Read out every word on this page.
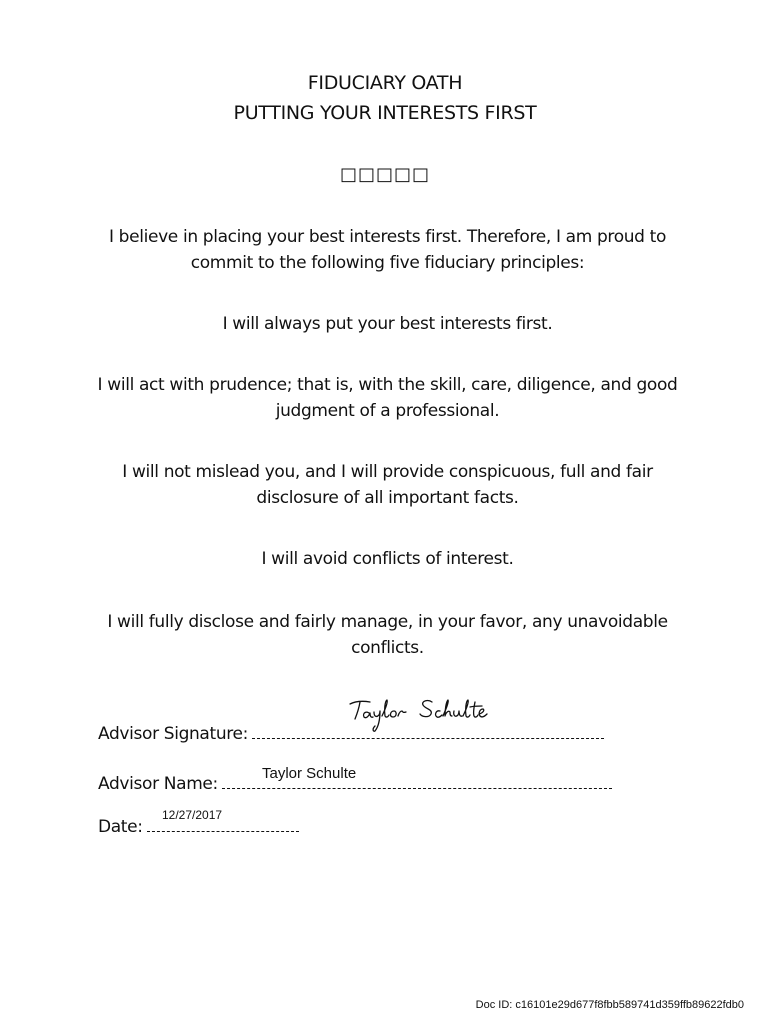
FIDUCIARY OATH
PUTTING YOUR INTERESTS FIRST
□□□□□
I believe in placing your best interests first. Therefore, I am proud to commit to the following five fiduciary principles:
I will always put your best interests first.
I will act with prudence; that is, with the skill, care, diligence, and good judgment of a professional.
I will not mislead you, and I will provide conspicuous, full and fair disclosure of all important facts.
I will avoid conflicts of interest.
I will fully disclose and fairly manage, in your favor, any unavoidable conflicts.
Advisor Signature:
Taylor Schulte
Advisor Name:
12/27/2017
Date:
Doc ID: c16101e29d677f8fbb589741d359ffb89622fdb0
